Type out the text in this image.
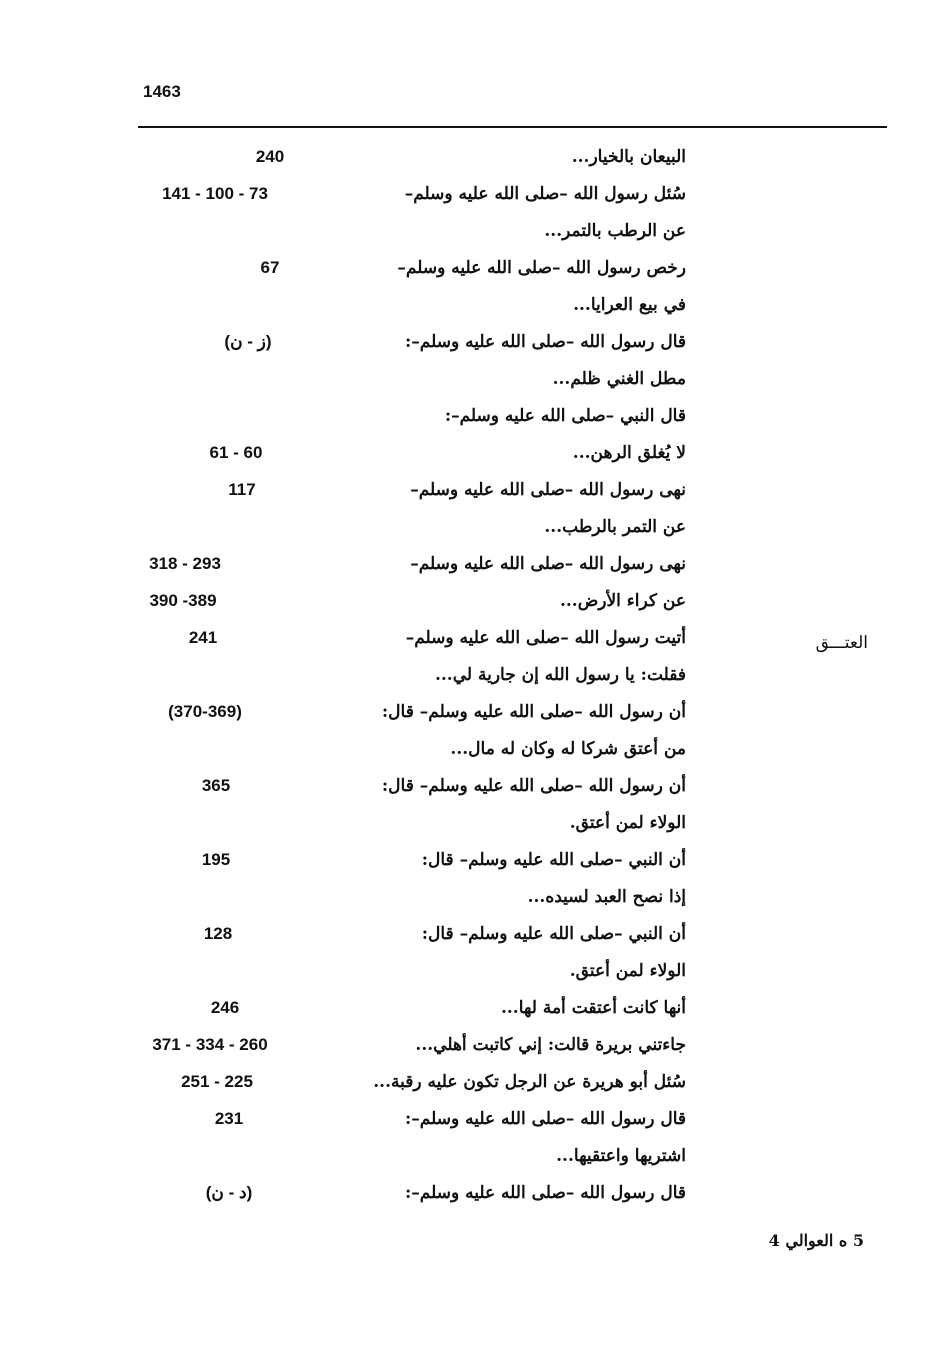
1463
العتـــق
البيعان بالخيار...
240
سُئل رسول الله –صلى الله عليه وسلم–
141 - 100 - 73
عن الرطب بالتمر...
رخص رسول الله –صلى الله عليه وسلم–
67
في بيع العرايا...
قال رسول الله –صلى الله عليه وسلم–:
(ز - ن)
مطل الغني ظلم...
قال النبي –صلى الله عليه وسلم–:
لا يُغلق الرهن...
61 - 60
نهى رسول الله –صلى الله عليه وسلم–
117
عن التمر بالرطب...
نهى رسول الله –صلى الله عليه وسلم–
318 - 293
عن كراء الأرض...
390 -389
أتيت رسول الله –صلى الله عليه وسلم–
241
فقلت: يا رسول الله إن جارية لي...
أن رسول الله –صلى الله عليه وسلم– قال:
(370-369)
من أعتق شركا له وكان له مال...
أن رسول الله –صلى الله عليه وسلم– قال:
365
الولاء لمن أعتق.
أن النبي –صلى الله عليه وسلم– قال:
195
إذا نصح العبد لسيده...
أن النبي –صلى الله عليه وسلم– قال:
128
الولاء لمن أعتق.
أنها كانت أعتقت أمة لها...
246
جاءتني بريرة قالت: إني كاتبت أهلي...
371 - 334 - 260
سُئل أبو هريرة عن الرجل تكون عليه رقبة...
251 - 225
قال رسول الله –صلى الله عليه وسلم–:
231
اشتريها واعتقيها...
قال رسول الله –صلى الله عليه وسلم–:
(د - ن)
5 ه العوالي 4
